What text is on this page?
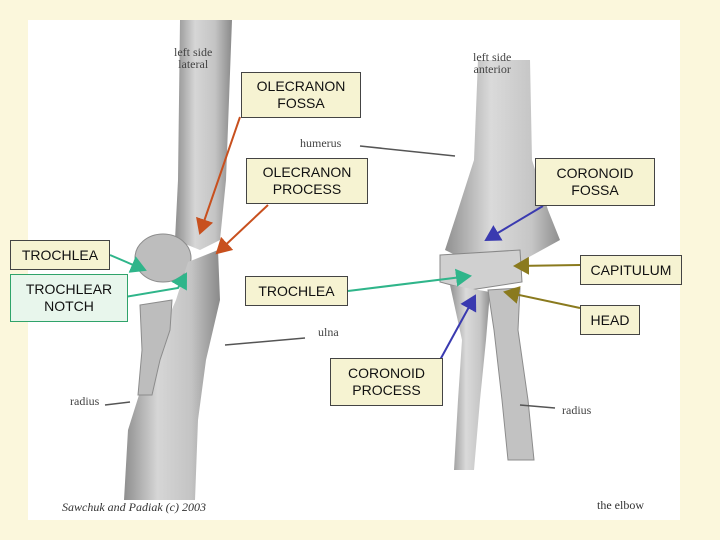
left side
lateral	left side
anterior
humerus
ulna
radius
radius
OLECRANON
FOSSA
OLECRANON
PROCESS
CORONOID
FOSSA
TROCHLEA
TROCHLEAR
NOTCH
TROCHLEA
CAPITULUM
HEAD
CORONOID
PROCESS
Sawchuk and Padiak (c) 2003	the elbow
